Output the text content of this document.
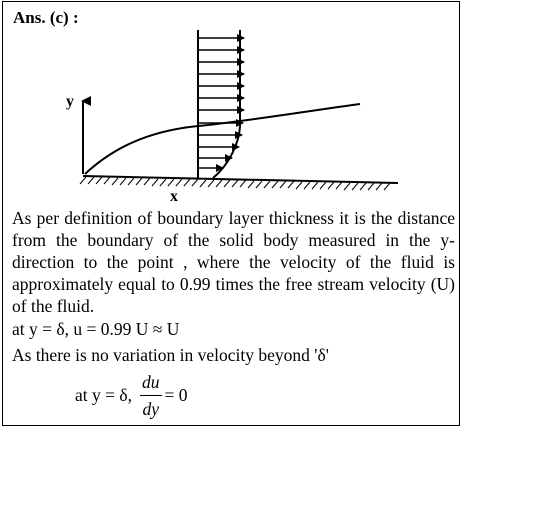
Ans. (c) :
y
x
As per definition of boundary layer thickness it is the distance from the boundary of the solid body measured in the y- direction to the point , where the velocity of the fluid is approximately equal to 0.99 times the free stream velocity (U) of the fluid.
at y = δ, u = 0.99 U ≈ U
As there is no variation in velocity beyond 'δ'
at y = δ, $\frac{du}{dy} = 0$
